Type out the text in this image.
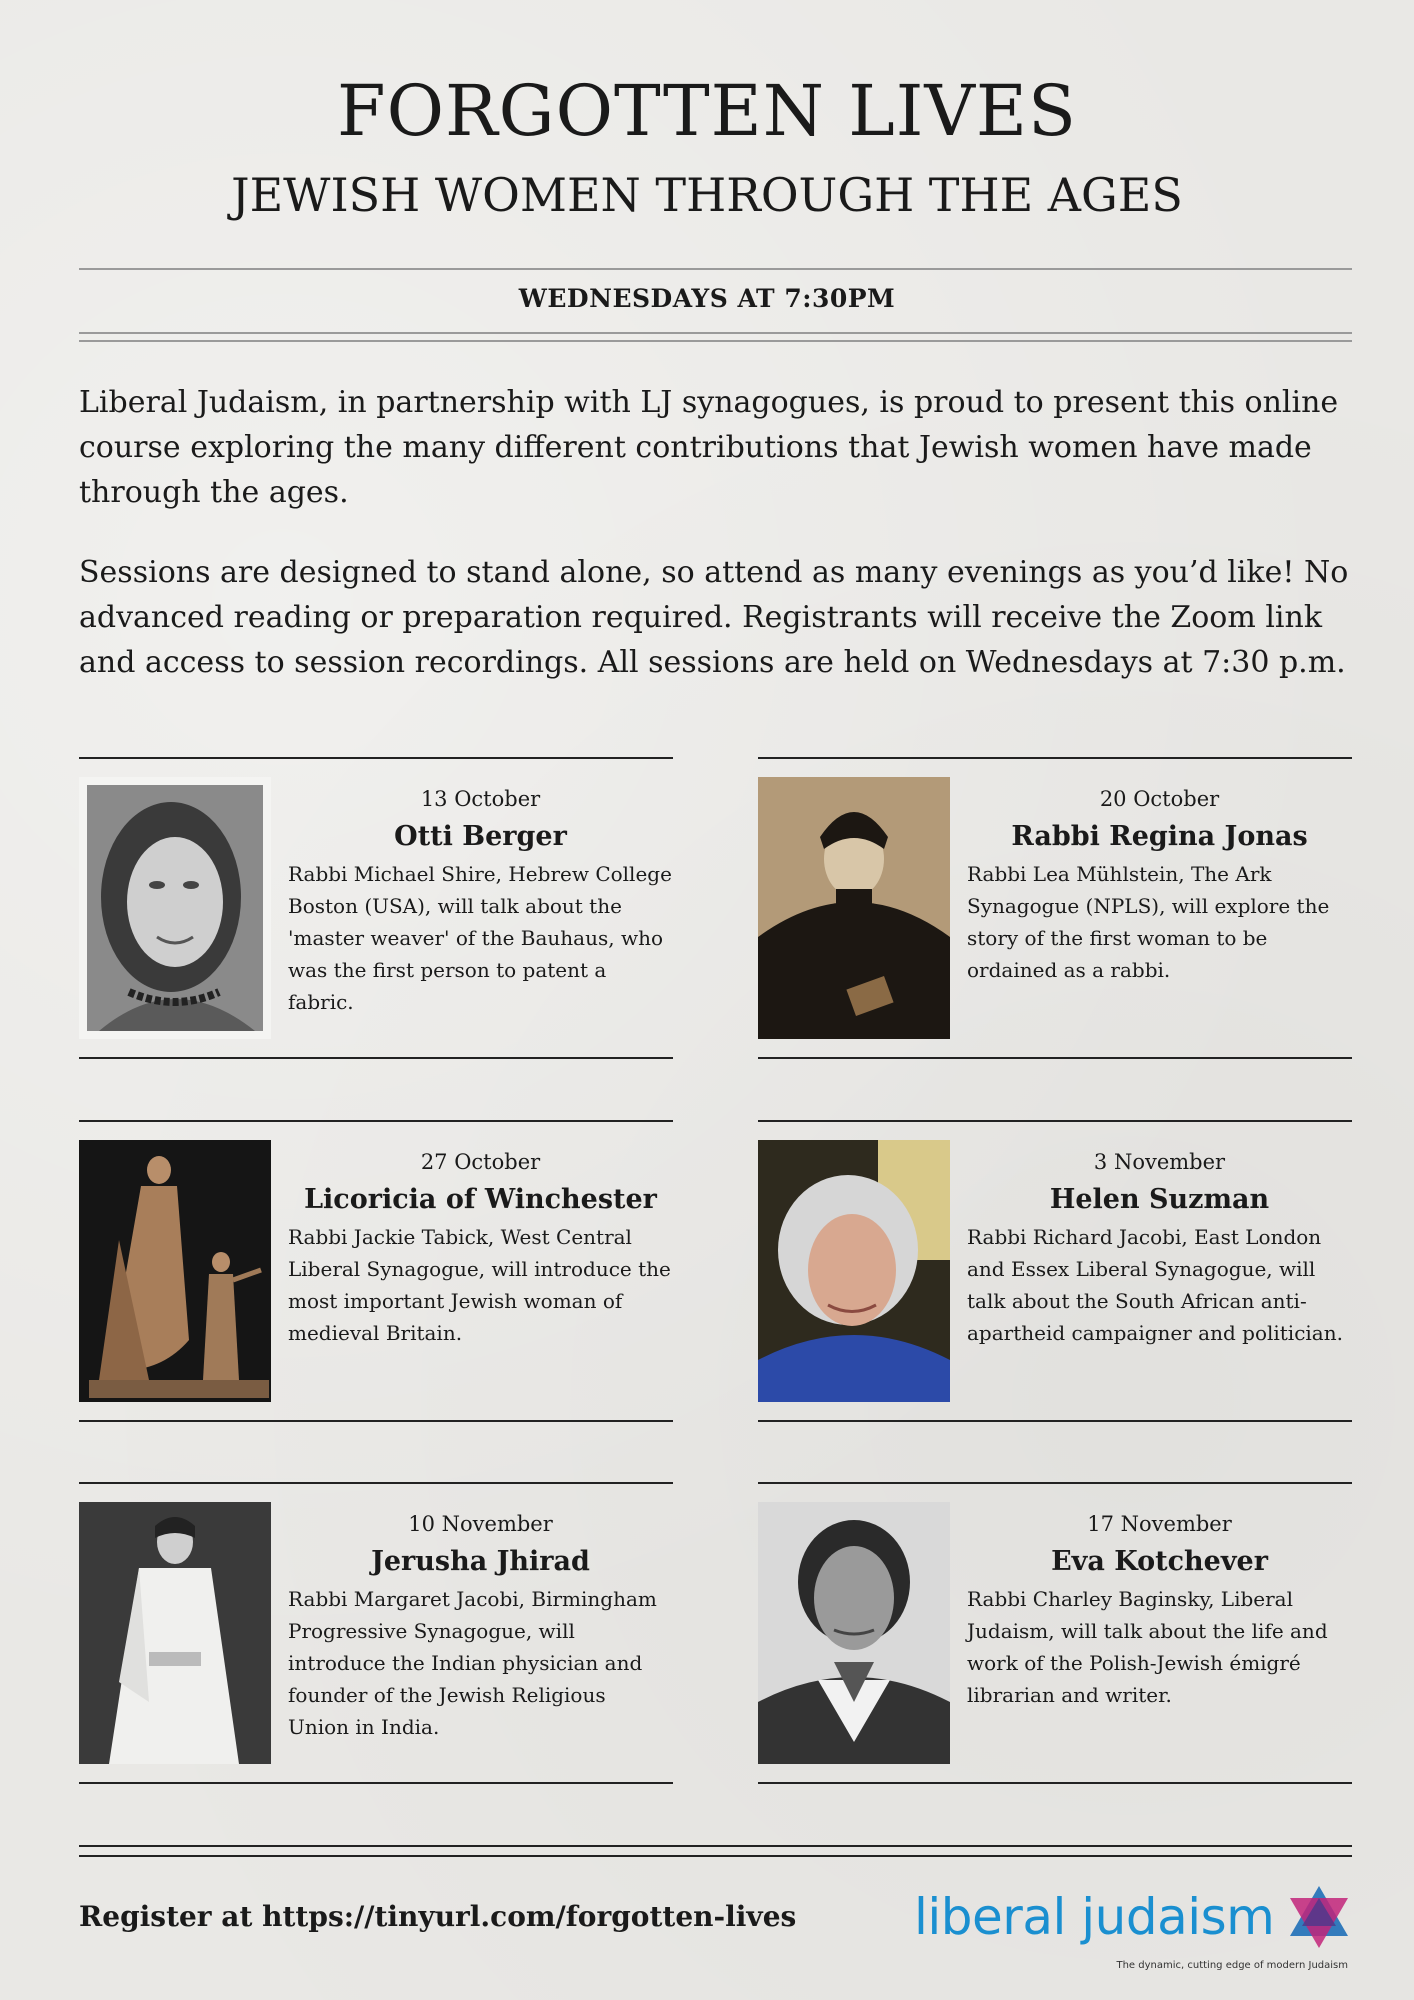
FORGOTTEN LIVES
JEWISH WOMEN THROUGH THE AGES
WEDNESDAYS AT 7:30PM

Liberal Judaism, in partnership with LJ synagogues, is proud to present this online course exploring the many different contributions that Jewish women have made through the ages.

Sessions are designed to stand alone, so attend as many evenings as you’d like! No advanced reading or preparation required. Registrants will receive the Zoom link and access to session recordings. All sessions are held on Wednesdays at 7:30 p.m.

13 October

Otti Berger

Rabbi Michael Shire, Hebrew College Boston (USA), will talk about the 'master weaver' of the Bauhaus, who was the first person to patent a fabric.

20 October

Rabbi Regina Jonas

Rabbi Lea Mühlstein, The Ark Synagogue (NPLS), will explore the story of the first woman to be ordained as a rabbi.

27 October

Licoricia of Winchester

Rabbi Jackie Tabick, West Central Liberal Synagogue, will introduce the most important Jewish woman of medieval Britain.

3 November

Helen Suzman

Rabbi Richard Jacobi, East London and Essex Liberal Synagogue, will talk about the South African anti-apartheid campaigner and politician.

10 November

Jerusha Jhirad

Rabbi Margaret Jacobi, Birmingham Progressive Synagogue, will introduce the Indian physician and founder of the Jewish Religious Union in India.

17 November

Eva Kotchever

Rabbi Charley Baginsky, Liberal Judaism, will talk about the life and work of the Polish-Jewish émigré librarian and writer.

Register at https://tinyurl.com/forgotten-lives liberal judaism
The dynamic, cutting edge of modern Judaism
